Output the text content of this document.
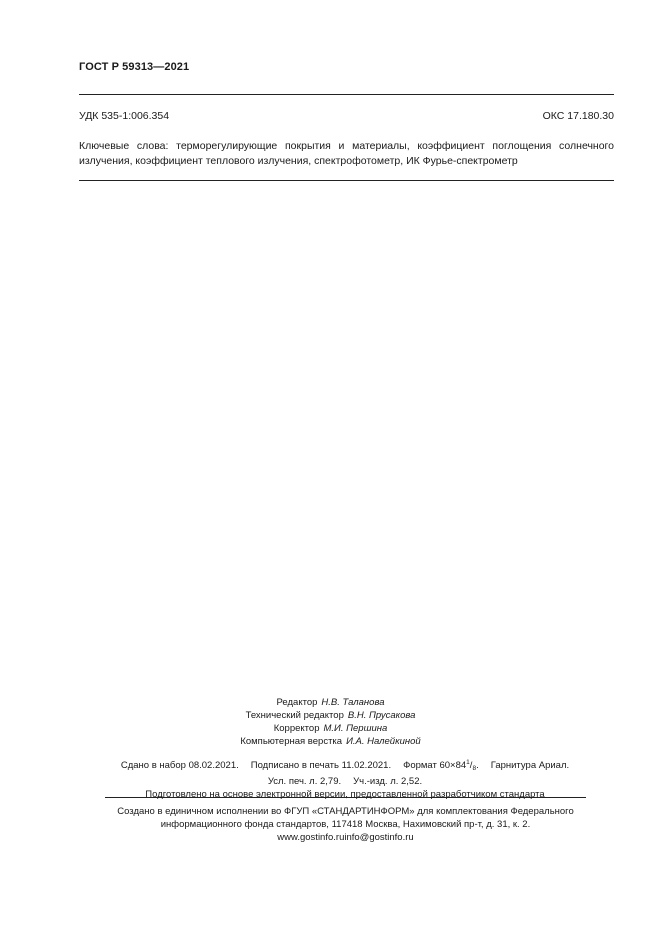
ГОСТ Р 59313—2021
УДК 535-1:006.354	ОКС 17.180.30
Ключевые слова: терморегулирующие покрытия и материалы, коэффициент поглощения солнечного излучения, коэффициент теплового излучения, спектрофотометр, ИК Фурье-спектрометр
Редактор Н.В. Таланова
Технический редактор В.Н. Прусакова
Корректор М.И. Першина
Компьютерная верстка И.А. Налейкиной
Сдано в набор 08.02.2021. Подписано в печать 11.02.2021. Формат $60\times 84^1/_8$. Гарнитура Ариал.
Усл. печ. л. 2,79. Уч.-изд. л. 2,52.
Подготовлено на основе электронной версии, предоставленной разработчиком стандарта
Создано в единичном исполнении во ФГУП «СТАНДАРТИНФОРМ» для комплектования Федерального
информационного фонда стандартов, 117418 Москва, Нахимовский пр-т, д. 31, к. 2.
www.gostinfo.ruinfo@gostinfo.ru
